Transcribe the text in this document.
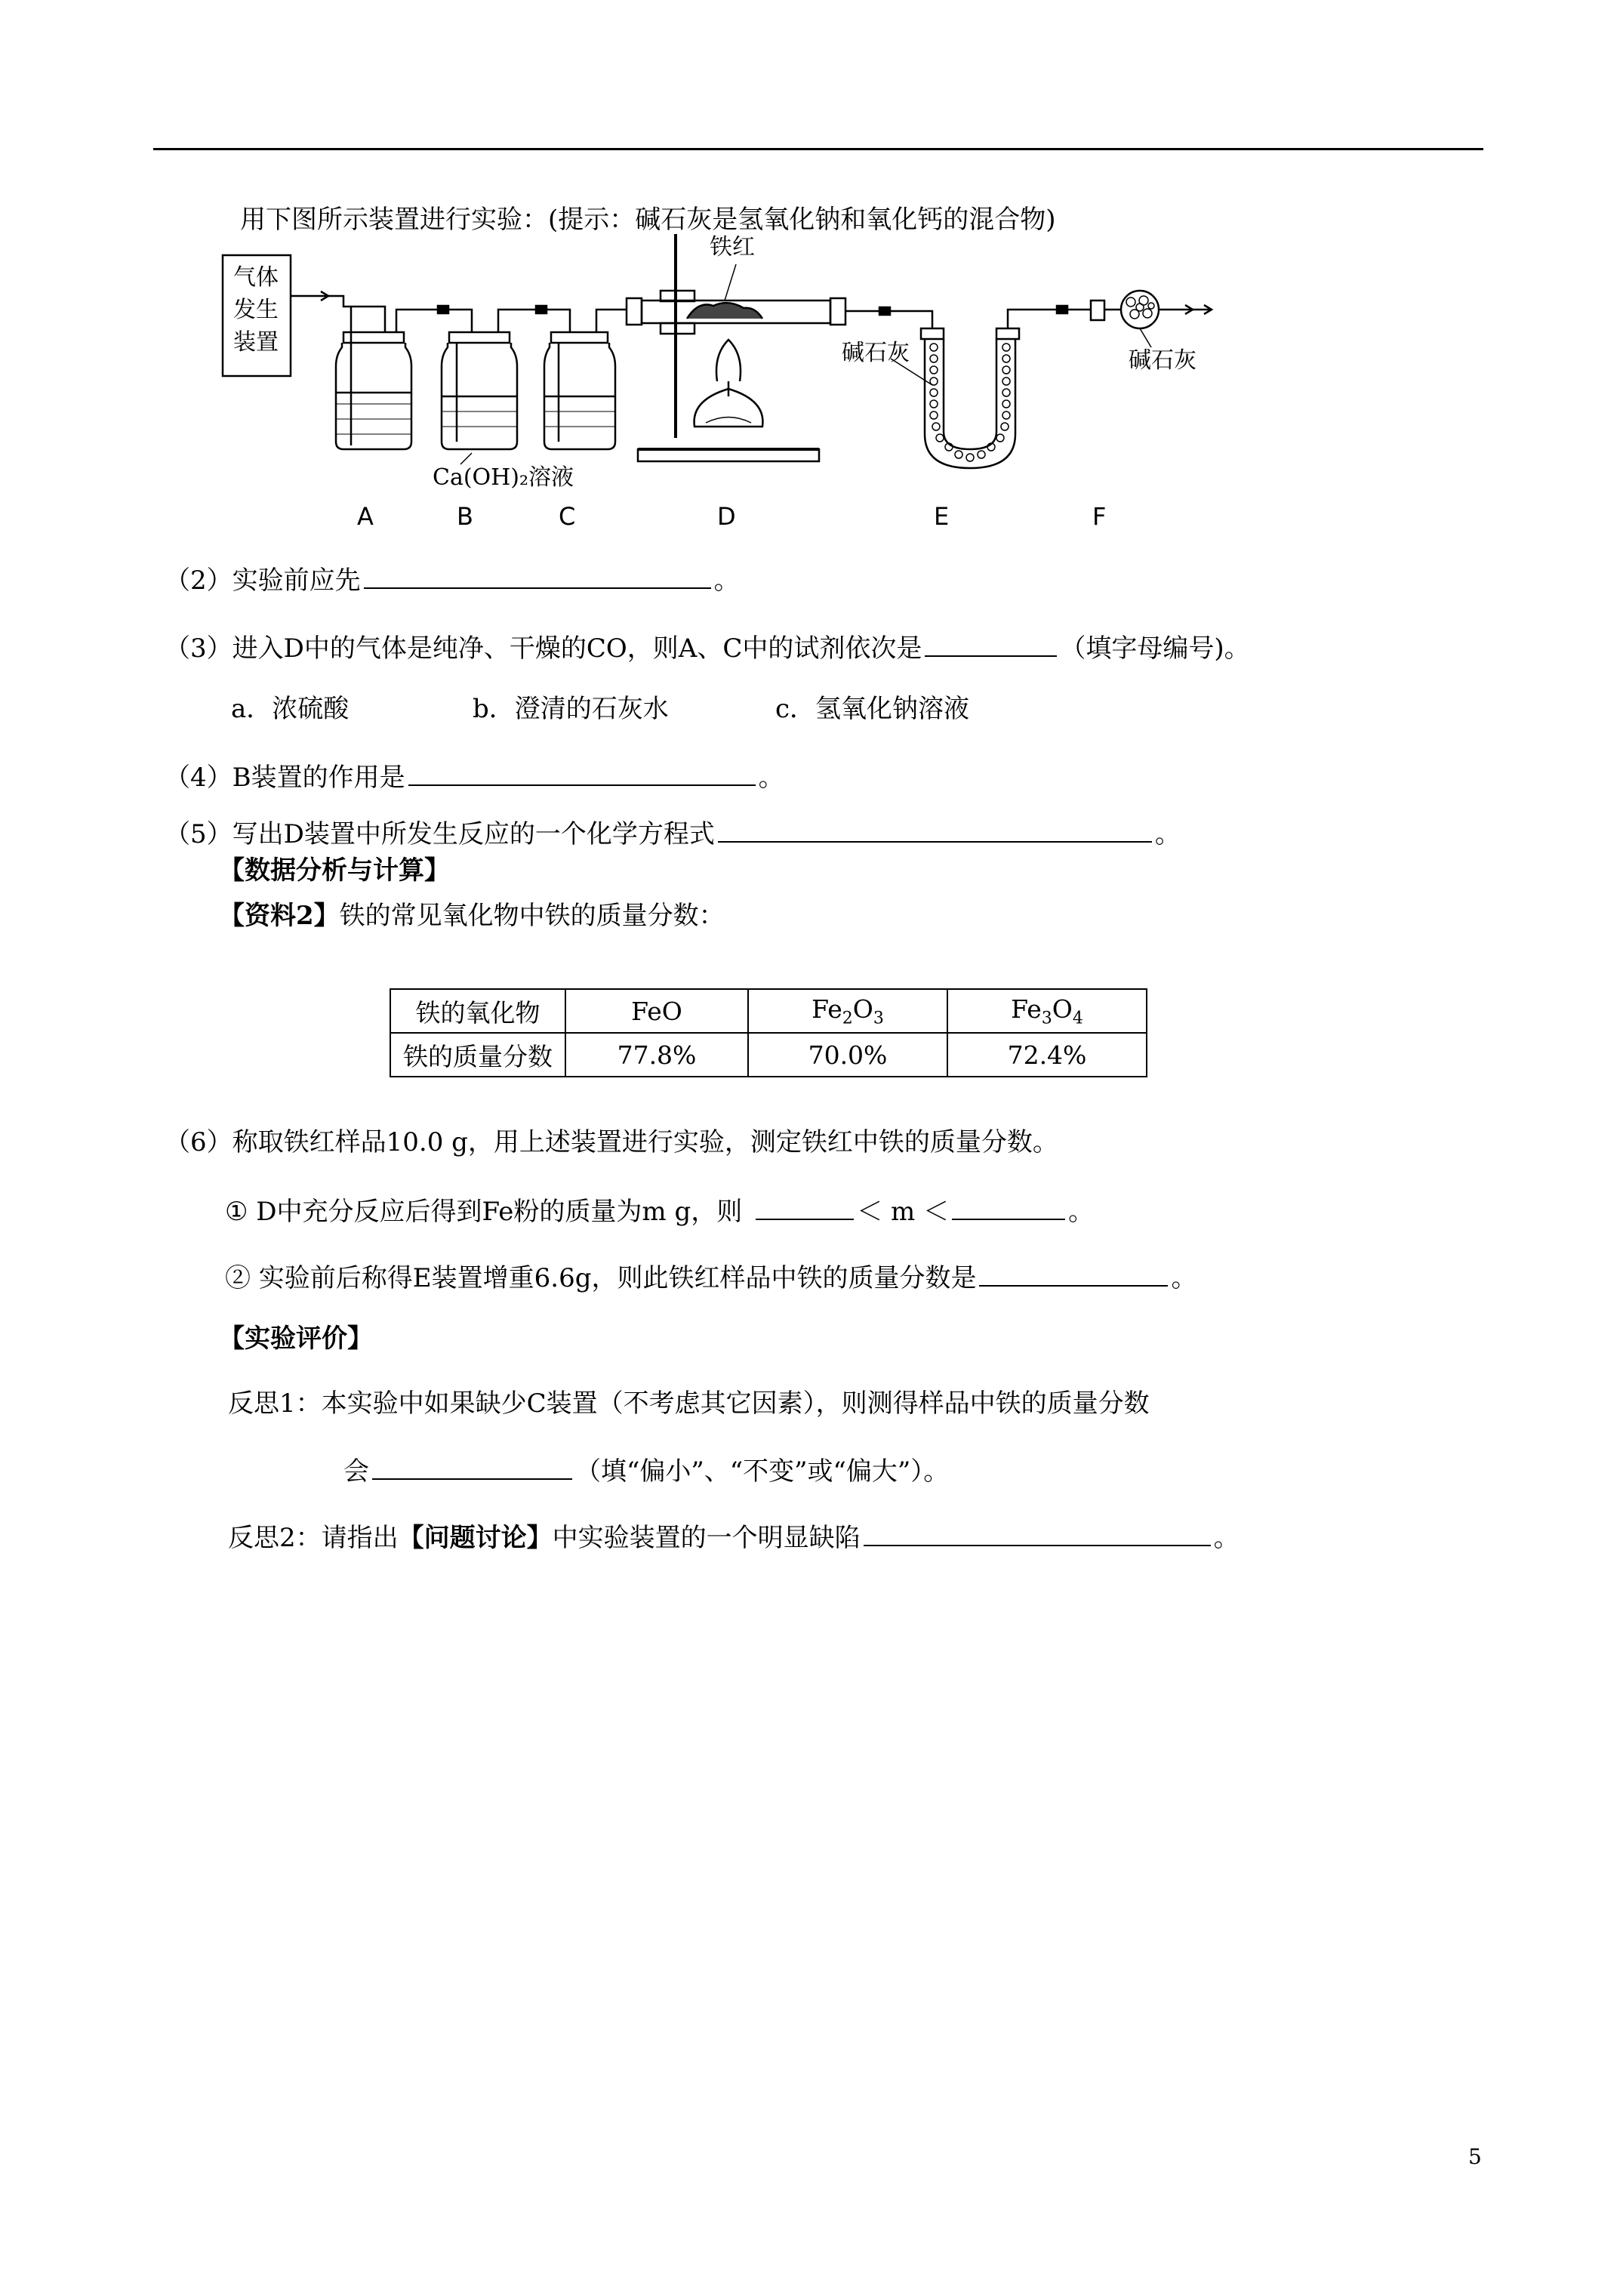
用下图所示装置进行实验：(提示：碱石灰是氢氧化钠和氧化钙的混合物)
气体
发生
装置
铁红
Ca(OH)₂溶液
碱石灰	碱石灰
A	B	C	D	E	F
（2）实验前应先	。
（3）进入D中的气体是纯净、干燥的CO，则A、C中的试剂依次是	（填字母编号)。
a．浓硫酸	b．澄清的石灰水	c．氢氧化钠溶液
（4）B装置的作用是	。
（5）写出D装置中所发生反应的一个化学方程式	。
【数据分析与计算】
【资料2】铁的常见氧化物中铁的质量分数：
铁的氧化物	FeO	$Fe_2O_3$	$Fe_3O_4$
铁的质量分数	77.8%	70.0%	72.4%
（6）称取铁红样品10.0 g，用上述装置进行实验，测定铁红中铁的质量分数。
① D中充分反应后得到Fe粉的质量为m g，则	＜ m ＜	。
② 实验前后称得E装置增重6.6g，则此铁红样品中铁的质量分数是	。
【实验评价】
反思1：本实验中如果缺少C装置（不考虑其它因素），则测得样品中铁的质量分数
会	（填“偏小”、“不变”或“偏大”）。
反思2：请指出【问题讨论】中实验装置的一个明显缺陷	。
5
